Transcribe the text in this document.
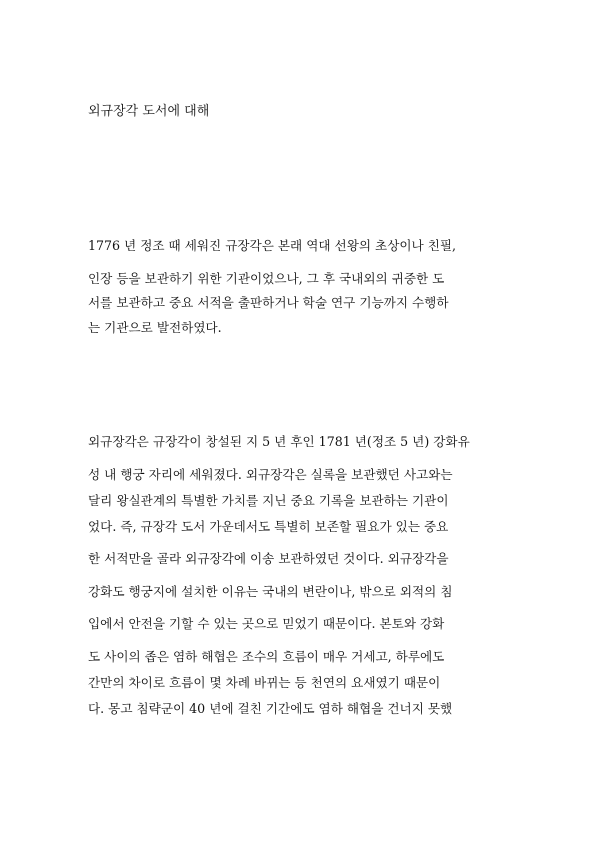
외규장각 도서에 대해
1776 년 정조 때 세워진 규장각은 본래 역대 선왕의 초상이나 친필,
인장 등을 보관하기 위한 기관이었으나, 그 후 국내외의 귀중한 도
서를 보관하고 중요 서적을 출판하거나 학술 연구 기능까지 수행하
는 기관으로 발전하였다.
외규장각은 규장각이 창설된 지 5 년 후인 1781 년(정조 5 년) 강화유
성 내 행궁 자리에 세워졌다. 외규장각은 실록을 보관했던 사고와는
달리 왕실관계의 특별한 가치를 지닌 중요 기록을 보관하는 기관이
었다. 즉, 규장각 도서 가운데서도 특별히 보존할 필요가 있는 중요
한 서적만을 골라 외규장각에 이송 보관하였던 것이다. 외규장각을
강화도 행궁지에 설치한 이유는 국내의 변란이나, 밖으로 외적의 침
입에서 안전을 기할 수 있는 곳으로 믿었기 때문이다. 본토와 강화
도 사이의 좁은 염하 해협은 조수의 흐름이 매우 거세고, 하루에도
간만의 차이로 흐름이 몇 차례 바뀌는 등 천연의 요새였기 때문이
다. 몽고 침략군이 40 년에 걸친 기간에도 염하 해협을 건너지 못했
